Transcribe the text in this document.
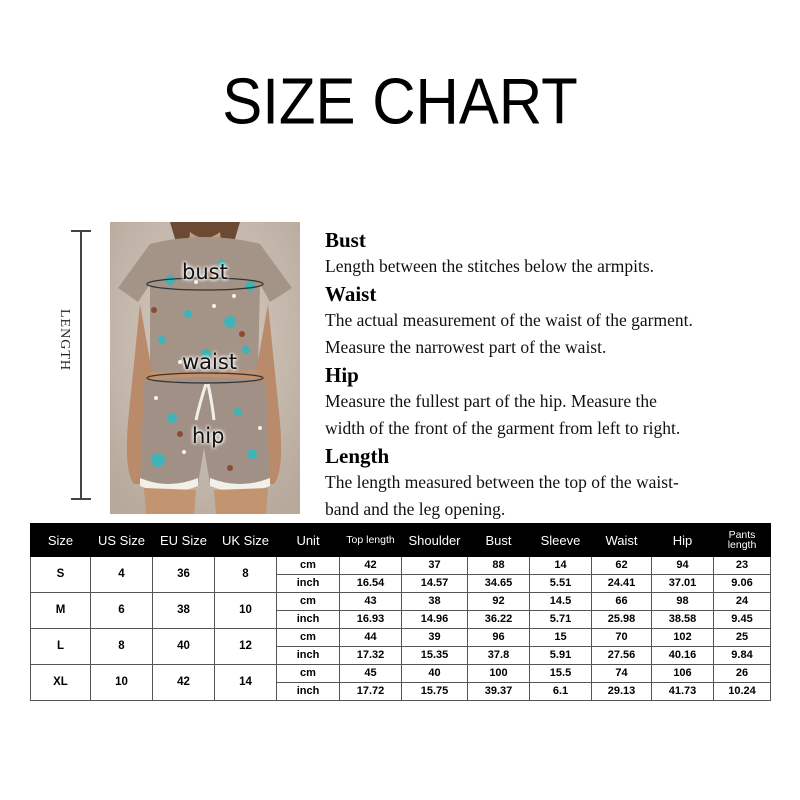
SIZE CHART
LENGTH
bust
waist
hip
Bust

Length between the stitches below the armpits.

Waist

The actual measurement of the waist of the garment.

Measure the narrowest part of the waist.

Hip

Measure the fullest part of the hip. Measure the

width of the front of the garment from left to right.

Length

The length measured between the top of the waist-

band and the leg opening.

Size	US Size	EU Size	UK Size	Unit	Top length	Shoulder	Bust	Sleeve	Waist	Hip	Pants length
S	4	36	8	cm	42	37	88	14	62	94	23
				inch	16.54	14.57	34.65	5.51	24.41	37.01	9.06
M	6	38	10	cm	43	38	92	14.5	66	98	24
				inch	16.93	14.96	36.22	5.71	25.98	38.58	9.45
L	8	40	12	cm	44	39	96	15	70	102	25
				inch	17.32	15.35	37.8	5.91	27.56	40.16	9.84
XL	10	42	14	cm	45	40	100	15.5	74	106	26
				inch	17.72	15.75	39.37	6.1	29.13	41.73	10.24
